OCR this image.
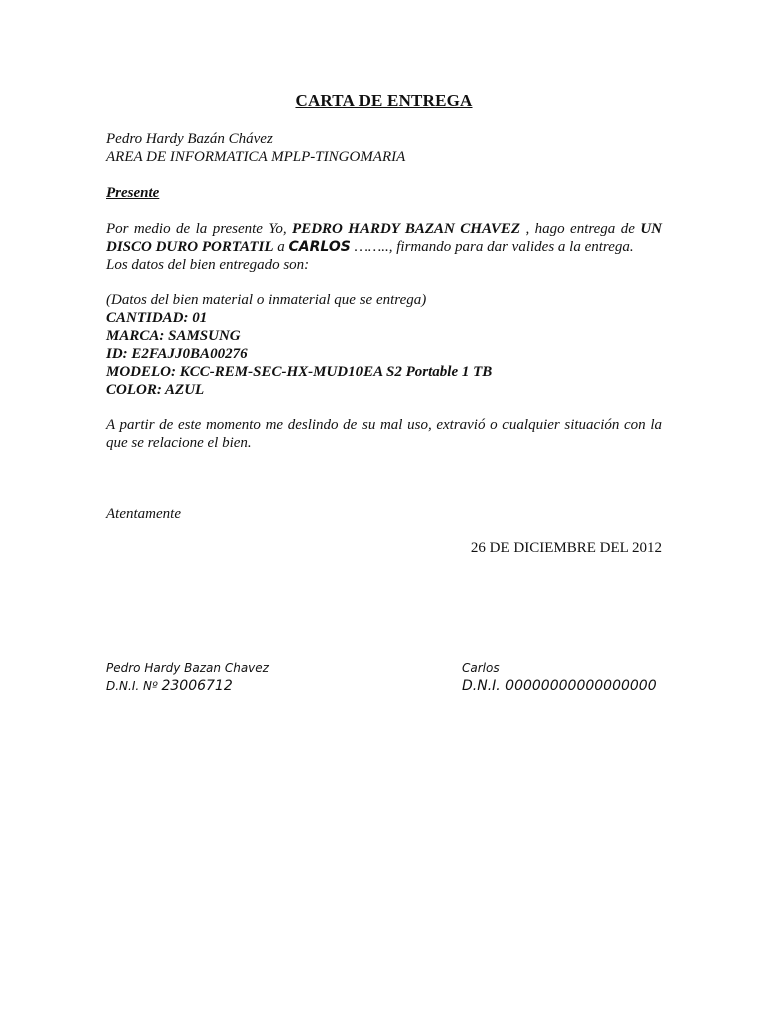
CARTA DE ENTREGA
Pedro Hardy Bazán Chávez
AREA DE INFORMATICA MPLP-TINGOMARIA
Presente
Por medio de la presente Yo, PEDRO HARDY BAZAN CHAVEZ , hago entrega de UN DISCO DURO PORTATIL a CARLOS …….., firmando para dar valides a la entrega.
Los datos del bien entregado son:
(Datos del bien material o inmaterial que se entrega)
CANTIDAD: 01
MARCA: SAMSUNG
ID: E2FAJJ0BA00276
MODELO: KCC-REM-SEC-HX-MUD10EA S2 Portable 1 TB
COLOR: AZUL
A partir de este momento me deslindo de su mal uso, extravió o cualquier situación con la que se relacione el bien.
Atentamente
26 DE DICIEMBRE DEL 2012
Pedro Hardy Bazan Chavez
D.N.I. Nº 23006712
Carlos
D.N.I. 00000000000000000
